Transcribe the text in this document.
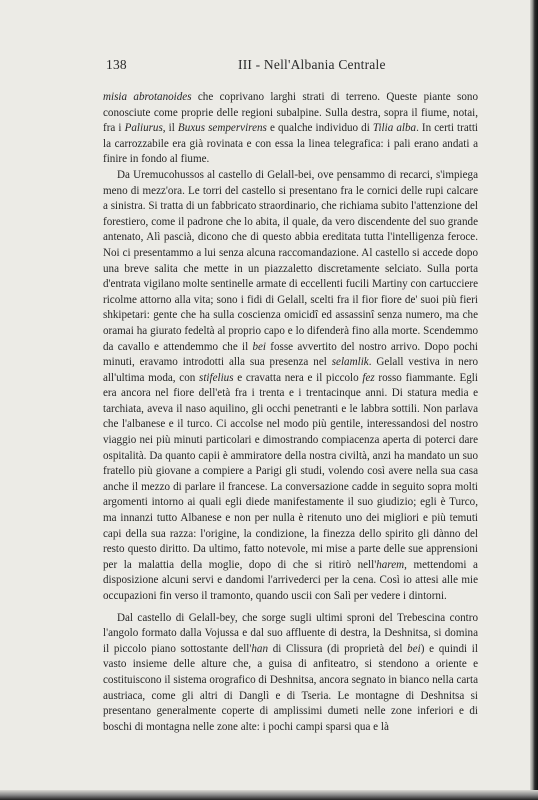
138	III - Nell'Albania Centrale

misia abrotanoides che coprivano larghi strati di terreno. Queste piante sono conosciute come proprie delle regioni subalpine. Sulla destra, sopra il fiume, notai, fra i Paliurus, il Buxus sempervirens e qualche individuo di Tilia alba. In certi tratti la carrozzabile era già rovinata e con essa la linea telegrafica: i pali erano andati a finire in fondo al fiume.

Da Uremucohussos al castello di Gelall-bei, ove pensammo di recarci, s'impiega meno di mezz'ora. Le torri del castello si presentano fra le cornici delle rupi calcare a sinistra. Si tratta di un fabbricato straordinario, che richiama subito l'attenzione del forestiero, come il padrone che lo abita, il quale, da vero discendente del suo grande antenato, Alì pascià, dicono che di questo abbia ereditata tutta l'intelligenza feroce. Noi ci presentammo a lui senza alcuna raccomandazione. Al castello si accede dopo una breve salita che mette in un piazzaletto discretamente selciato. Sulla porta d'entrata vigilano molte sentinelle armate di eccellenti fucili Martiny con cartucciere ricolme attorno alla vita; sono i fidi di Gelall, scelti fra il fior fiore de' suoi più fieri shkipetari: gente che ha sulla coscienza omicidî ed assassinî senza numero, ma che oramai ha giurato fedeltà al proprio capo e lo difenderà fino alla morte. Scendemmo da cavallo e attendemmo che il bei fosse avvertito del nostro arrivo. Dopo pochi minuti, eravamo introdotti alla sua presenza nel selamlik. Gelall vestiva in nero all'ultima moda, con stifelius e cravatta nera e il piccolo fez rosso fiammante. Egli era ancora nel fiore dell'età fra i trenta e i trentacinque anni. Di statura media e tarchiata, aveva il naso aquilino, gli occhi penetranti e le labbra sottili. Non parlava che l'albanese e il turco. Ci accolse nel modo più gentile, interessandosi del nostro viaggio nei più minuti particolari e dimostrando compiacenza aperta di poterci dare ospitalità. Da quanto capii è ammiratore della nostra civiltà, anzi ha mandato un suo fratello più giovane a compiere a Parigi gli studi, volendo così avere nella sua casa anche il mezzo di parlare il francese. La conversazione cadde in seguito sopra molti argomenti intorno ai quali egli diede manifestamente il suo giudizio; egli è Turco, ma innanzi tutto Albanese e non per nulla è ritenuto uno dei migliori e più temuti capi della sua razza: l'origine, la condizione, la finezza dello spirito gli dànno del resto questo diritto. Da ultimo, fatto notevole, mi mise a parte delle sue apprensioni per la malattia della moglie, dopo di che si ritirò nell'harem, mettendomi a disposizione alcuni servi e dandomi l'arrivederci per la cena. Così io attesi alle mie occupazioni fin verso il tramonto, quando uscii con Salì per vedere i dintorni.

Dal castello di Gelall-bey, che sorge sugli ultimi sproni del Trebescina contro l'angolo formato dalla Vojussa e dal suo affluente di destra, la Deshnitsa, si domina il piccolo piano sottostante dell'han di Clissura (di proprietà del bei) e quindi il vasto insieme delle alture che, a guisa di anfiteatro, si stendono a oriente e costituiscono il sistema orografico di Deshnitsa, ancora segnato in bianco nella carta austriaca, come gli altri di Danglì e di Tseria. Le montagne di Deshnitsa si presentano generalmente coperte di amplissimi dumeti nelle zone inferiori e di boschi di montagna nelle zone alte: i pochi campi sparsi qua e là
